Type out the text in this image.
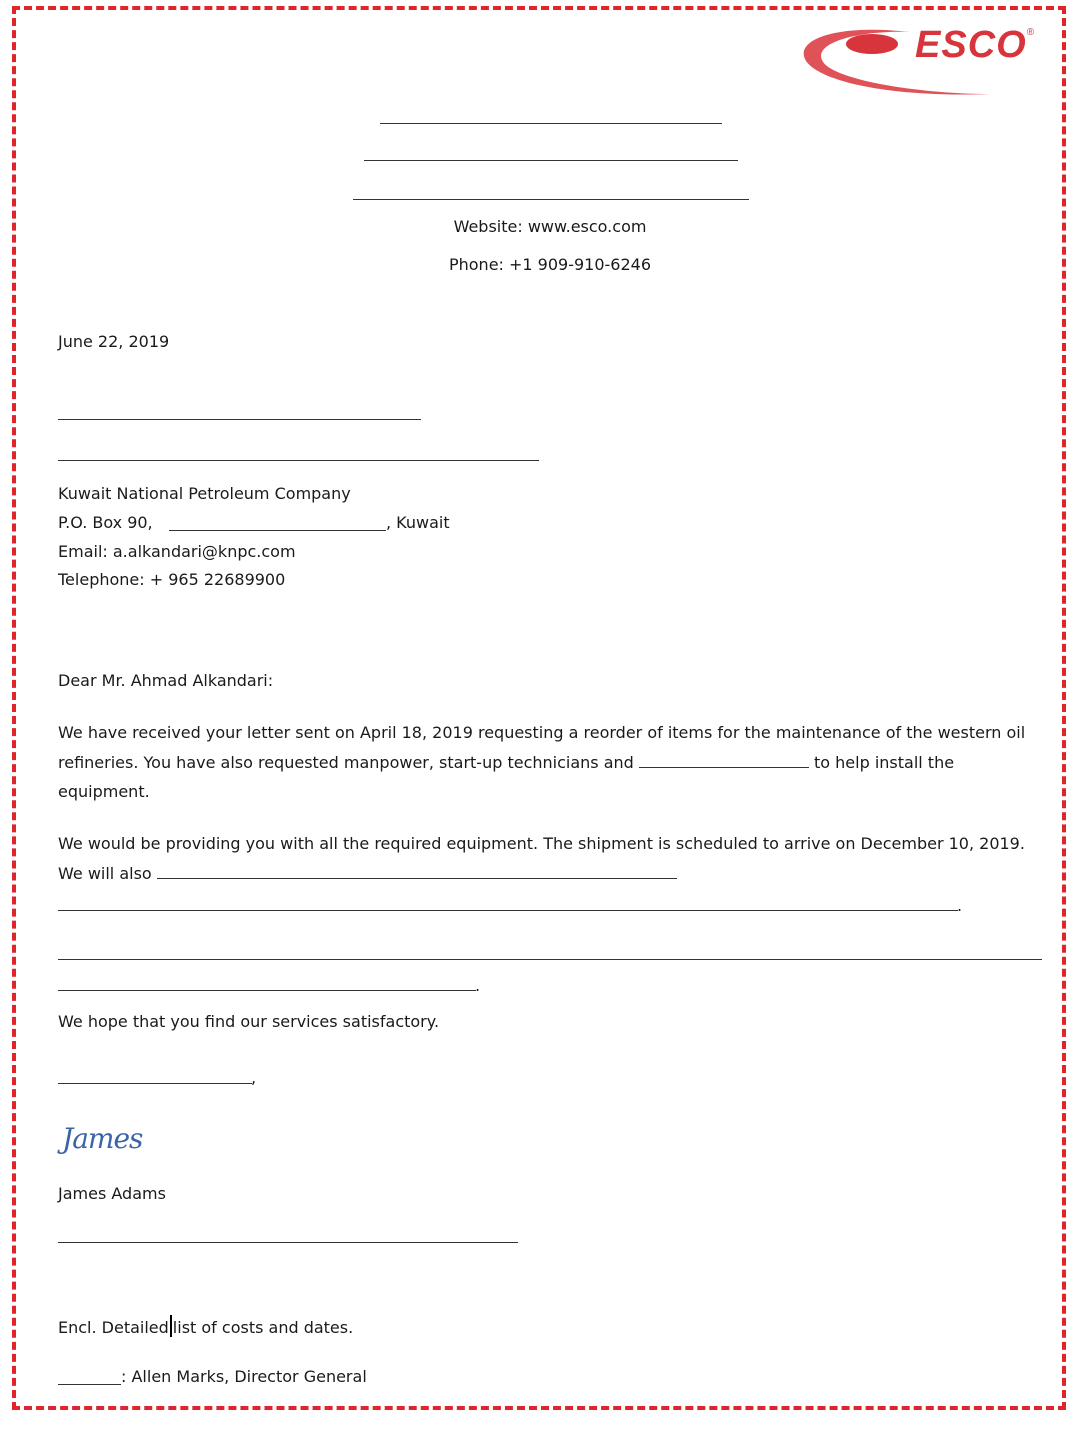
ESCO®
Website: www.esco.com
Phone: +1 909-910-6246
June 22, 2019
Kuwait National Petroleum Company
P.O. Box 90,	, Kuwait
Email: a.alkandari@knpc.com
Telephone: + 965 22689900
Dear Mr. Ahmad Alkandari:
We have received your letter sent on April 18, 2019 requesting a reorder of items for the maintenance of the western oil refineries. You have also requested manpower, start-up technicians and	to help install the equipment.
We would be providing you with all the required equipment. The shipment is scheduled to arrive on December 10, 2019. We will also
.
.
We hope that you find our services satisfactory.
,
James
James Adams
Encl. Detailed list of costs and dates.
: Allen Marks, Director General
